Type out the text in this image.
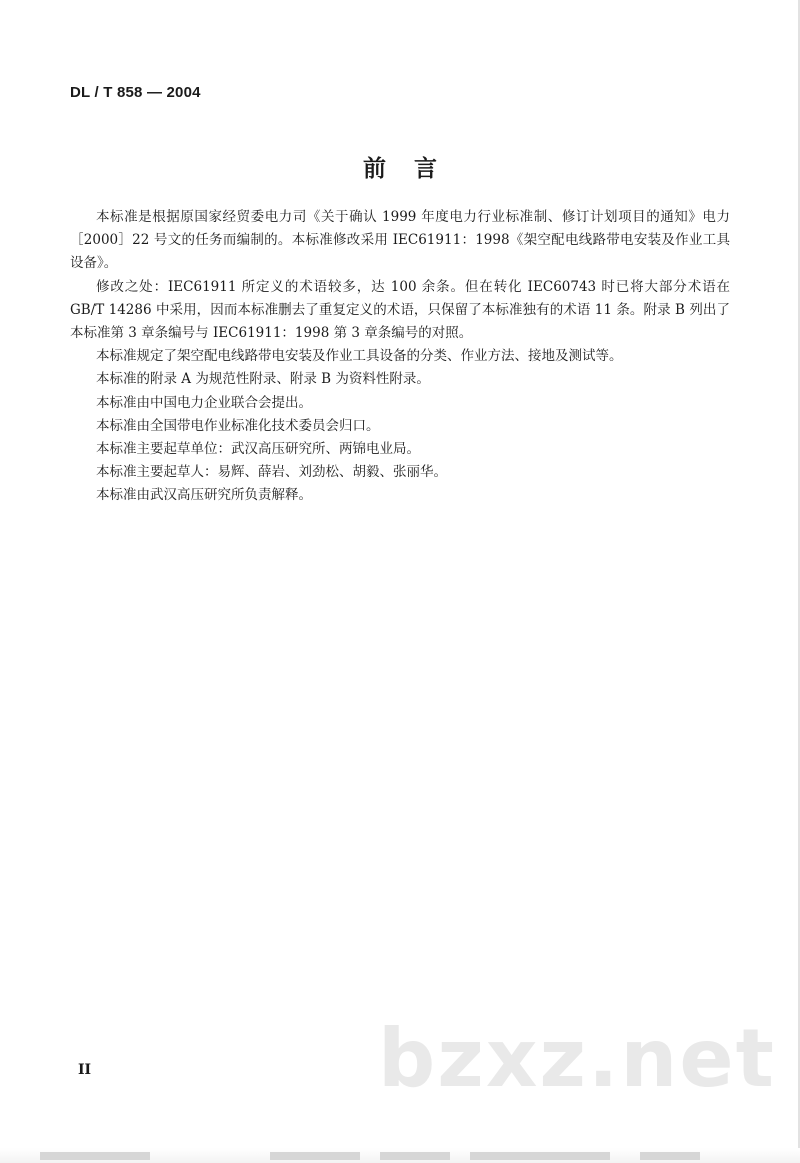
DL / T 858 — 2004
前言

本标准是根据原国家经贸委电力司《关于确认 1999 年度电力行业标准制、修订计划项目的通知》电力［2000］22 号文的任务而编制的。本标准修改采用 IEC61911：1998《架空配电线路带电安装及作业工具设备》。

修改之处：IEC61911 所定义的术语较多，达 100 余条。但在转化 IEC60743 时已将大部分术语在 GB/T 14286 中采用，因而本标准删去了重复定义的术语，只保留了本标准独有的术语 11 条。附录 B 列出了本标准第 3 章条编号与 IEC61911：1998 第 3 章条编号的对照。

本标准规定了架空配电线路带电安装及作业工具设备的分类、作业方法、接地及测试等。

本标准的附录 A 为规范性附录、附录 B 为资料性附录。

本标准由中国电力企业联合会提出。

本标准由全国带电作业标准化技术委员会归口。

本标准主要起草单位：武汉高压研究所、两锦电业局。

本标准主要起草人：易辉、薛岩、刘劲松、胡毅、张丽华。

本标准由武汉高压研究所负责解释。

bzxz.net
II
